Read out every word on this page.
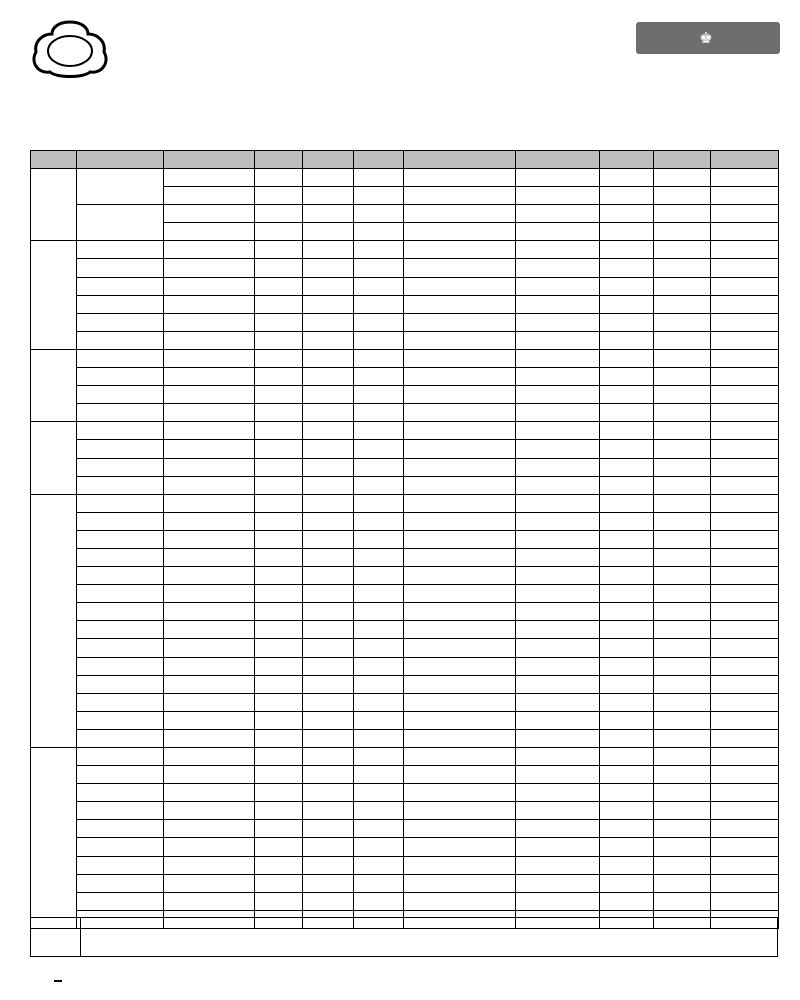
♚
